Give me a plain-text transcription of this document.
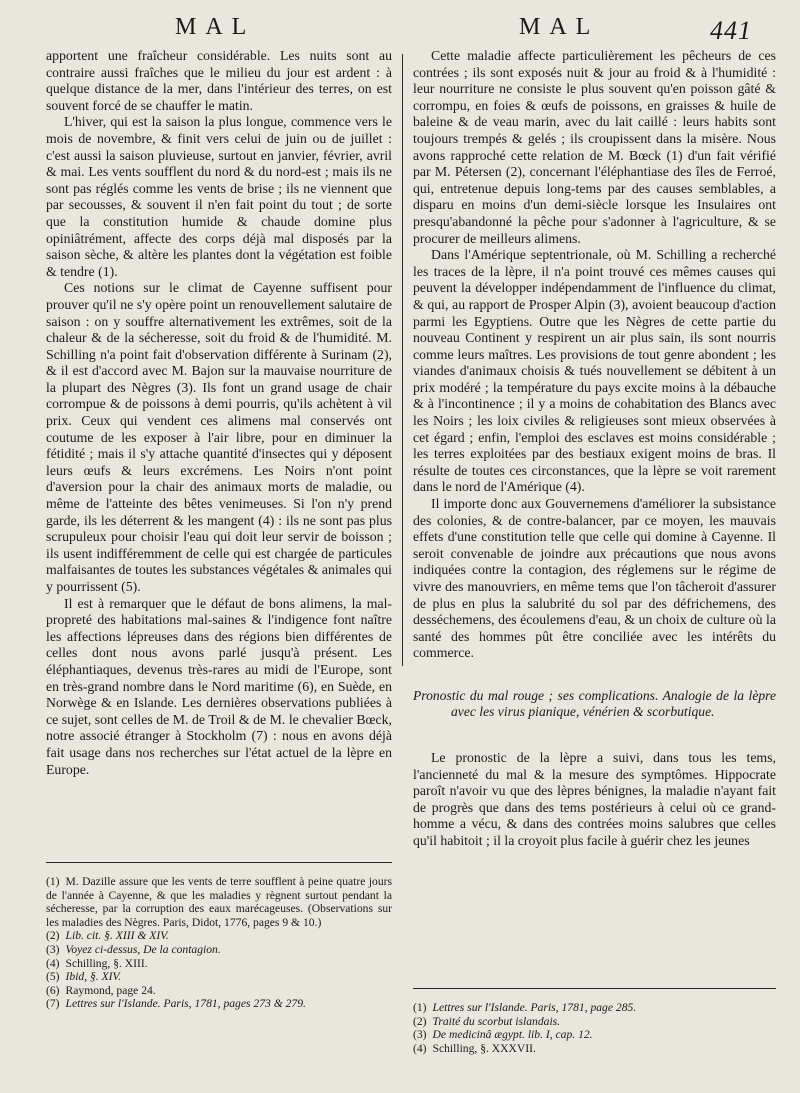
MAL	MAL	441

apportent une fraîcheur considérable. Les nuits sont au contraire aussi fraîches que le milieu du jour est ardent : à quelque distance de la mer, dans l'intérieur des terres, on est souvent forcé de se chauffer le matin.

L'hiver, qui est la saison la plus longue, commence vers le mois de novembre, & finit vers celui de juin ou de juillet : c'est aussi la saison pluvieuse, surtout en janvier, février, avril & mai. Les vents soufflent du nord & du nord-est ; mais ils ne sont pas réglés comme les vents de brise ; ils ne viennent que par secousses, & souvent il n'en fait point du tout ; de sorte que la constitution humide & chaude domine plus opiniâtrément, affecte des corps déjà mal disposés par la saison sèche, & altère les plantes dont la végétation est foible & tendre (1).

Ces notions sur le climat de Cayenne suffisent pour prouver qu'il ne s'y opère point un renouvellement salutaire de saison : on y souffre alternativement les extrêmes, soit de la chaleur & de la sécheresse, soit du froid & de l'humidité. M. Schilling n'a point fait d'observation différente à Surinam (2), & il est d'accord avec M. Bajon sur la mauvaise nourriture de la plupart des Nègres (3). Ils font un grand usage de chair corrompue & de poissons à demi pourris, qu'ils achètent à vil prix. Ceux qui vendent ces alimens mal conservés ont coutume de les exposer à l'air libre, pour en diminuer la fétidité ; mais il s'y attache quantité d'insectes qui y déposent leurs œufs & leurs excrémens. Les Noirs n'ont point d'aversion pour la chair des animaux morts de maladie, ou même de l'atteinte des bêtes venimeuses. Si l'on n'y prend garde, ils les déterrent & les mangent (4) : ils ne sont pas plus scrupuleux pour choisir l'eau qui doit leur servir de boisson ; ils usent indifféremment de celle qui est chargée de particules malfaisantes de toutes les substances végétales & animales qui y pourrissent (5).

Il est à remarquer que le défaut de bons alimens, la mal-propreté des habitations mal-saines & l'indigence font naître les affections lépreuses dans des régions bien différentes de celles dont nous avons parlé jusqu'à présent. Les éléphantiaques, devenus très-rares au midi de l'Europe, sont en très-grand nombre dans le Nord maritime (6), en Suède, en Norwège & en Islande. Les dernières observations publiées à ce sujet, sont celles de M. de Troil & de M. le chevalier Bœck, notre associé étranger à Stockholm (7) : nous en avons déjà fait usage dans nos recherches sur l'état actuel de la lèpre en Europe.

Cette maladie affecte particulièrement les pêcheurs de ces contrées ; ils sont exposés nuit & jour au froid & à l'humidité : leur nourriture ne consiste le plus souvent qu'en poisson gâté & corrompu, en foies & œufs de poissons, en graisses & huile de baleine & de veau marin, avec du lait caillé : leurs habits sont toujours trempés & gelés ; ils croupissent dans la misère. Nous avons rapproché cette relation de M. Bœck (1) d'un fait vérifié par M. Pétersen (2), concernant l'éléphantiase des îles de Ferroé, qui, entretenue depuis long-tems par des causes semblables, a disparu en moins d'un demi-siècle lorsque les Insulaires ont presqu'abandonné la pêche pour s'adonner à l'agriculture, & se procurer de meilleurs alimens.

Dans l'Amérique septentrionale, où M. Schilling a recherché les traces de la lèpre, il n'a point trouvé ces mêmes causes qui peuvent la développer indépendamment de l'influence du climat, & qui, au rapport de Prosper Alpin (3), avoient beaucoup d'action parmi les Egyptiens. Outre que les Nègres de cette partie du nouveau Continent y respirent un air plus sain, ils sont nourris comme leurs maîtres. Les provisions de tout genre abondent ; les viandes d'animaux choisis & tués nouvellement se débitent à un prix modéré ; la température du pays excite moins à la débauche & à l'incontinence ; il y a moins de cohabitation des Blancs avec les Noirs ; les loix civiles & religieuses sont mieux observées à cet égard ; enfin, l'emploi des esclaves est moins considérable ; les terres exploitées par des bestiaux exigent moins de bras. Il résulte de toutes ces circonstances, que la lèpre se voit rarement dans le nord de l'Amérique (4).

Il importe donc aux Gouvernemens d'améliorer la subsistance des colonies, & de contre-balancer, par ce moyen, les mauvais effets d'une constitution telle que celle qui domine à Cayenne. Il seroit convenable de joindre aux précautions que nous avons indiquées contre la contagion, des réglemens sur le régime de vivre des manouvriers, en même tems que l'on tâcheroit d'assurer de plus en plus la salubrité du sol par des défrichemens, des desséchemens, des écoulemens d'eau, & un choix de culture où la santé des hommes pût être conciliée avec les intérêts du commerce.

Pronostic du mal rouge ; ses complications. Analogie de la lèpre avec les virus pianique, vénérien & scorbutique.

Le pronostic de la lèpre a suivi, dans tous les tems, l'ancienneté du mal & la mesure des symptômes. Hippocrate paroît n'avoir vu que des lèpres bénignes, la maladie n'ayant fait de progrès que dans des tems postérieurs à celui où ce grand-homme a vécu, & dans des contrées moins salubres que celles qu'il habitoit ; il la croyoit plus facile à guérir chez les jeunes

(1) M. Dazille assure que les vents de terre soufflent à peine quatre jours de l'année à Cayenne, & que les maladies y règnent surtout pendant la sécheresse, par la corruption des eaux marécageuses. (Observations sur les maladies des Nègres. Paris, Didot, 1776, pages 9 & 10.)

(2) Lib. cit. §. XIII & XIV.

(3) Voyez ci-dessus, De la contagion.

(4) Schilling, §. XIII.

(5) Ibid, §. XIV.

(6) Raymond, page 24.

(7) Lettres sur l'Islande. Paris, 1781, pages 273 & 279.	(1) Lettres sur l'Islande. Paris, 1781, page 285.

(2) Traité du scorbut islandais.

(3) De medicinâ ægypt. lib. I, cap. 12.

(4) Schilling, §. XXXVII.
